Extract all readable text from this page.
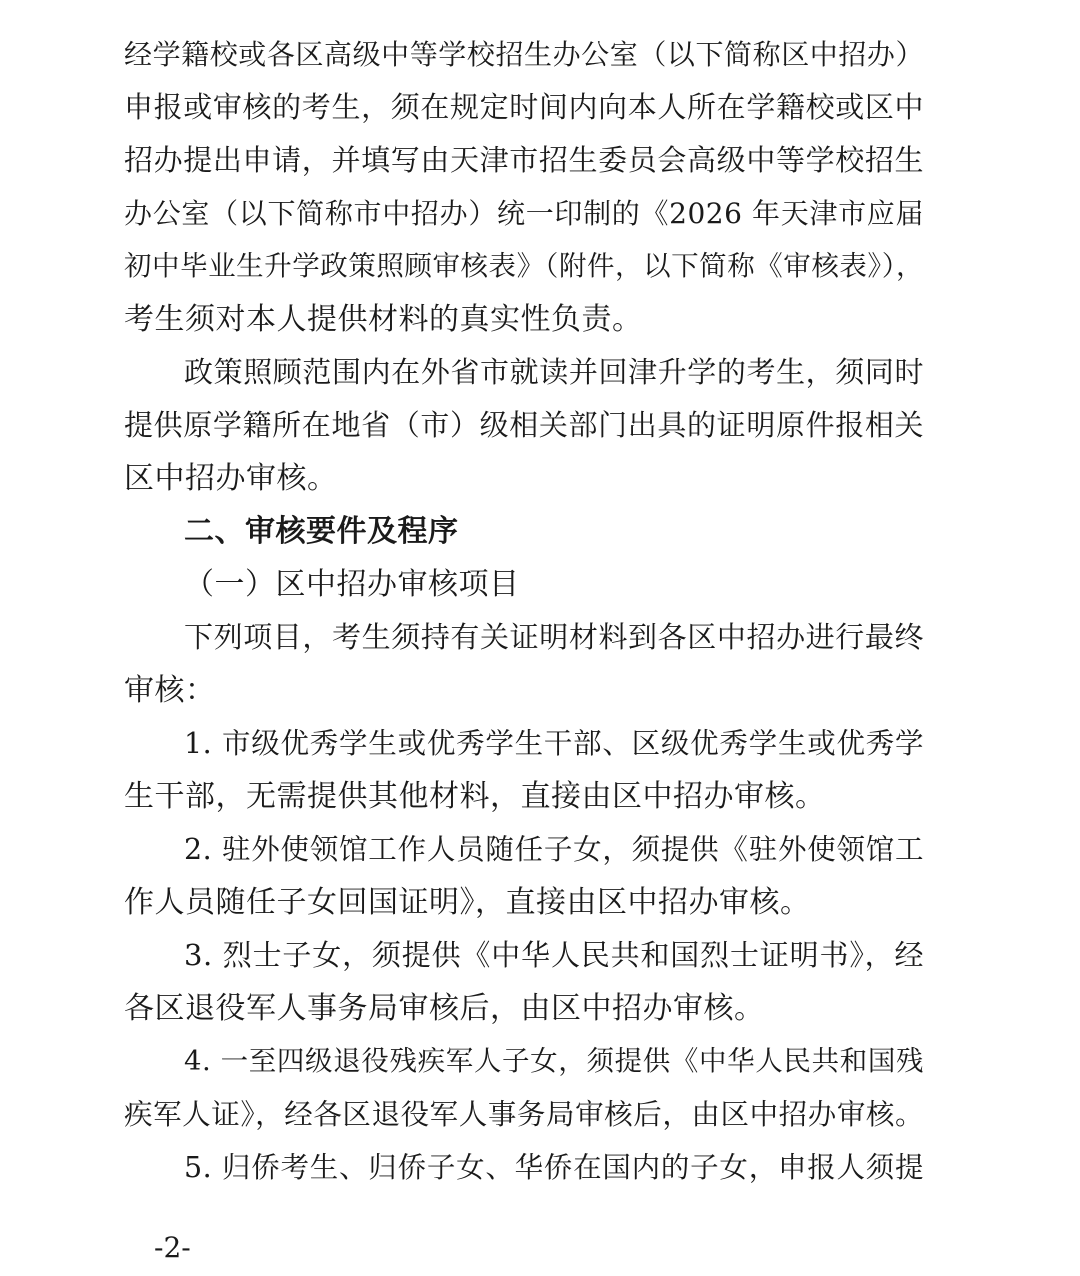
经学籍校或各区高级中等学校招生办公室（以下简称区中招办）
申报或审核的考生，须在规定时间内向本人所在学籍校或区中
招办提出申请，并填写由天津市招生委员会高级中等学校招生
办公室（以下简称市中招办）统一印制的《2026 年天津市应届
初中毕业生升学政策照顾审核表》（附件，以下简称《审核表》），
考生须对本人提供材料的真实性负责。
政策照顾范围内在外省市就读并回津升学的考生，须同时
提供原学籍所在地省（市）级相关部门出具的证明原件报相关
区中招办审核。
二、审核要件及程序
（一）区中招办审核项目
下列项目，考生须持有关证明材料到各区中招办进行最终
审核：
1. 市级优秀学生或优秀学生干部、区级优秀学生或优秀学
生干部，无需提供其他材料，直接由区中招办审核。
2. 驻外使领馆工作人员随任子女，须提供《驻外使领馆工
作人员随任子女回国证明》，直接由区中招办审核。
3. 烈士子女，须提供《中华人民共和国烈士证明书》，经
各区退役军人事务局审核后，由区中招办审核。
4. 一至四级退役残疾军人子女，须提供《中华人民共和国残
疾军人证》，经各区退役军人事务局审核后，由区中招办审核。
5. 归侨考生、归侨子女、华侨在国内的子女，申报人须提
-2-
